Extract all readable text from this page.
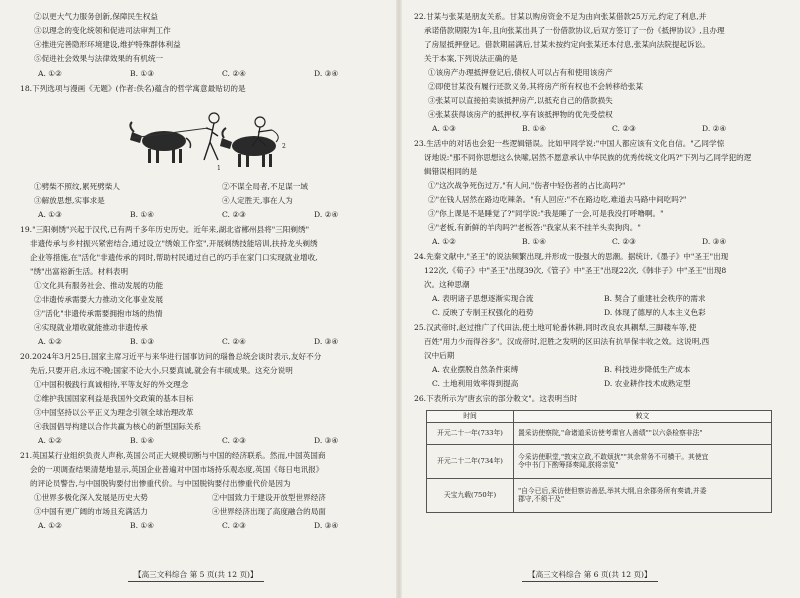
②以更大气力服务创新,保障民生权益
③以理念的变化统领和促进司法审判工作
④推进完善隐形环境建设,维护特殊群体利益
⑤促进社会效果与法律效果的有机统一
A. ①②	B. ①③	C. ②④	D. ③④
18.下列选项与漫画《无题》(作者:佚名)蕴含的哲学寓意最贴切的是
1
2
①劈柴不照纹,累死劈柴人	②不谋全局者,不足谋一域
③解放思想,实事求是	④人定胜天,事在人为
A. ①③	B. ①④	C. ②③	D. ②④
19."三阳剃绣"兴起于汉代,已有两千多年历史历史。近年来,湖北省郴州县将"三阳剃绣"
非遗传承与乡村振兴紧密结合,通过设立"绣娘工作室",开展剃绣技能培训,扶持龙头剃绣
企业等措施,在"活化"非遗传承的同时,帮助村民通过自己的巧手在家门口实现就业增收,
"绣"出富裕新生活。材料表明
①文化具有服务社会、推动发展的功能
②非遗传承需要大力推动文化事业发展
③"活化"非遗传承需要拥抱市场的热情
④实现就业增收就能推动非遗传承
A. ①②	B. ①③	C. ②④	D. ③④
20.2024年3月25日,国家主席习近平与来华进行国事访问的瑙鲁总统会谈时表示,友好不分
先后,只要开启,永远不晚;国家不论大小,只要真诚,就会有丰硕成果。这充分说明
①中国积极践行真诚相待,平等友好的外交理念
②维护我国国家利益是我国外交政策的基本目标
③中国坚持以公平正义为理念引领全球治理改革
④我国倡导构建以合作共赢为核心的新型国际关系
A. ①②	B. ①④	C. ②③	D. ③④
21.英国某行业组织负责人声称,英国公司正大规模切断与中国的经济联系。然而,中国英国商
会的一项调查结果清楚地显示,英国企业普遍对中国市场持乐观态度,英国《每日电讯报》
的评论员警告,与中国脱钩要付出惨重代价。与中国脱钩要付出惨重代价是因为
①世界多极化深入发展是历史大势	②中国致力于建设开放型世界经济
③中国有更广阔的市场且充满活力	④世界经济出现了高度融合的局面
A. ①②	B. ①④	C. ②③	D. ③④
【高三文科综合 第 5 页(共 12 页)】
22.甘某与张某是朋友关系。甘某以购房资金不足为由向张某借款25万元,约定了利息,并
承诺借款期限为1年,且向张某出具了一份借款协议,后双方签订了一份《抵押协议》,且办理
了房屋抵押登记。借款期届满后,甘某未按约定向张某还本付息,张某向法院提起诉讼。
关于本案,下列说法正确的是
①该房产办理抵押登记后,债权人可以占有和使用该房产
②即使甘某没有履行还款义务,其将房产所有权也不会转移给张某
③张某可以直接拍卖该抵押房产,以抵充自己的借款损失
④张某获得该房产的抵押权,享有该抵押物的优先受偿权
A. ①③	B. ①④	C. ②③	D. ②④
23.生活中的对话也会犯一些逻辑错误。比如甲同学说:"中国人都应该有文化自信。"乙同学惊
讶地说:"那不同你思想这么快嗦,居然不愿意承认中华民族的优秀传统文化吗?"下列与乙同学犯的逻
辑错误相同的是
①"这次战争死伤过万,"有人问,"伤者中轻伤者的占比高吗?"
②"在钱人居然在路边吃辣条。"有人回应:"不在路边吃,难道去马路中间吃吗?"
③"你上课是不是睡觉了?"同学说:"我是睡了一会,可是我没打呼噜啊。"
④"老板,有新鲜的羊肉吗?"老板答:"我家从来不挂羊头卖狗肉。"
A. ①②	B. ①④	C. ②③	D. ③④
24.先秦文献中,"圣王"的说法频繁出现,并形成一股强大的思潮。据统计,《墨子》中"圣王"出现
122次,《荀子》中"圣王"出现39次,《管子》中"圣王"出现22次,《韩非子》中"圣王"出现8
次。这种思潮
A. 表明诸子思想逐渐实现合流	B. 契合了重建社会秩序的需求
C. 反映了专制王权强化的趋势	D. 体现了德厚的人本主义色彩
25.汉武帝时,赵过推广了代田法,使土地可轮番休耕,同时改良农具耦犁,三脚耧车等,使
百姓"用力少而得谷多"。汉成帝时,氾胜之发明的区田法有抗旱保丰收之效。这说明,西
汉中后期
A. 农业摆脱自然条件束缚	B. 科技进步降低生产成本
C. 土地利用效率得到提高	D. 农业耕作技术成熟定型
26.下表所示为"唐玄宗的部分敕文"。这表明当时
时间	敕文
开元二十一年(733年)	置采访使察院,"命诸道采访使考课官人善绩""以六条检察非法"
开元二十二年(734年)	今采访使职堂,"敦宋立政,不敢烦扰""其余常务不可横干。其使宜
令中书门下酌筹择奏闻,朕将亲览"

天宝九载(750年)	"自今已后,采访使但察访善恶,举其大纲,自余郡务所有奏请,并委
郡守,不须干及"
【高三文科综合 第 6 页(共 12 页)】
